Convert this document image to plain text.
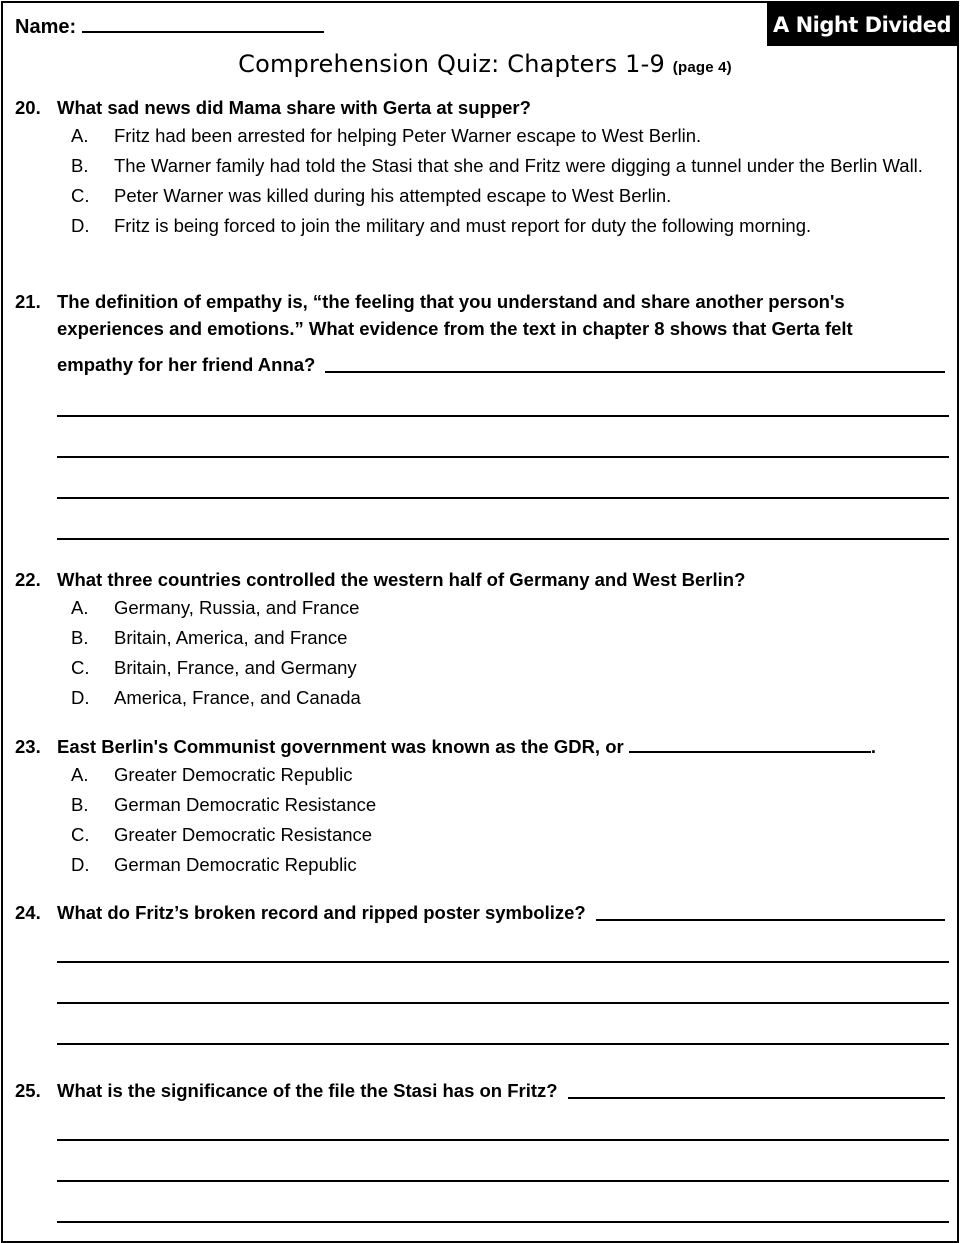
Name:	A Night Divided
Comprehension Quiz: Chapters 1-9 (page 4)
20. What sad news did Mama share with Gerta at supper?
A.	Fritz had been arrested for helping Peter Warner escape to West Berlin.
B.	The Warner family had told the Stasi that she and Fritz were digging a tunnel under the Berlin Wall.
C.	Peter Warner was killed during his attempted escape to West Berlin.
D.	Fritz is being forced to join the military and must report for duty the following morning.
21. The definition of empathy is, “the feeling that you understand and share another person's experiences and emotions.” What evidence from the text in chapter 8 shows that Gerta felt
empathy for her friend Anna?
22. What three countries controlled the western half of Germany and West Berlin?
A.	Germany, Russia, and France
B.	Britain, America, and France
C.	Britain, France, and Germany
D.	America, France, and Canada
23. East Berlin's Communist government was known as the GDR, or	.
A.	Greater Democratic Republic
B.	German Democratic Resistance
C.	Greater Democratic Resistance
D.	German Democratic Republic
24. What do Fritz’s broken record and ripped poster symbolize?
25. What is the significance of the file the Stasi has on Fritz?
